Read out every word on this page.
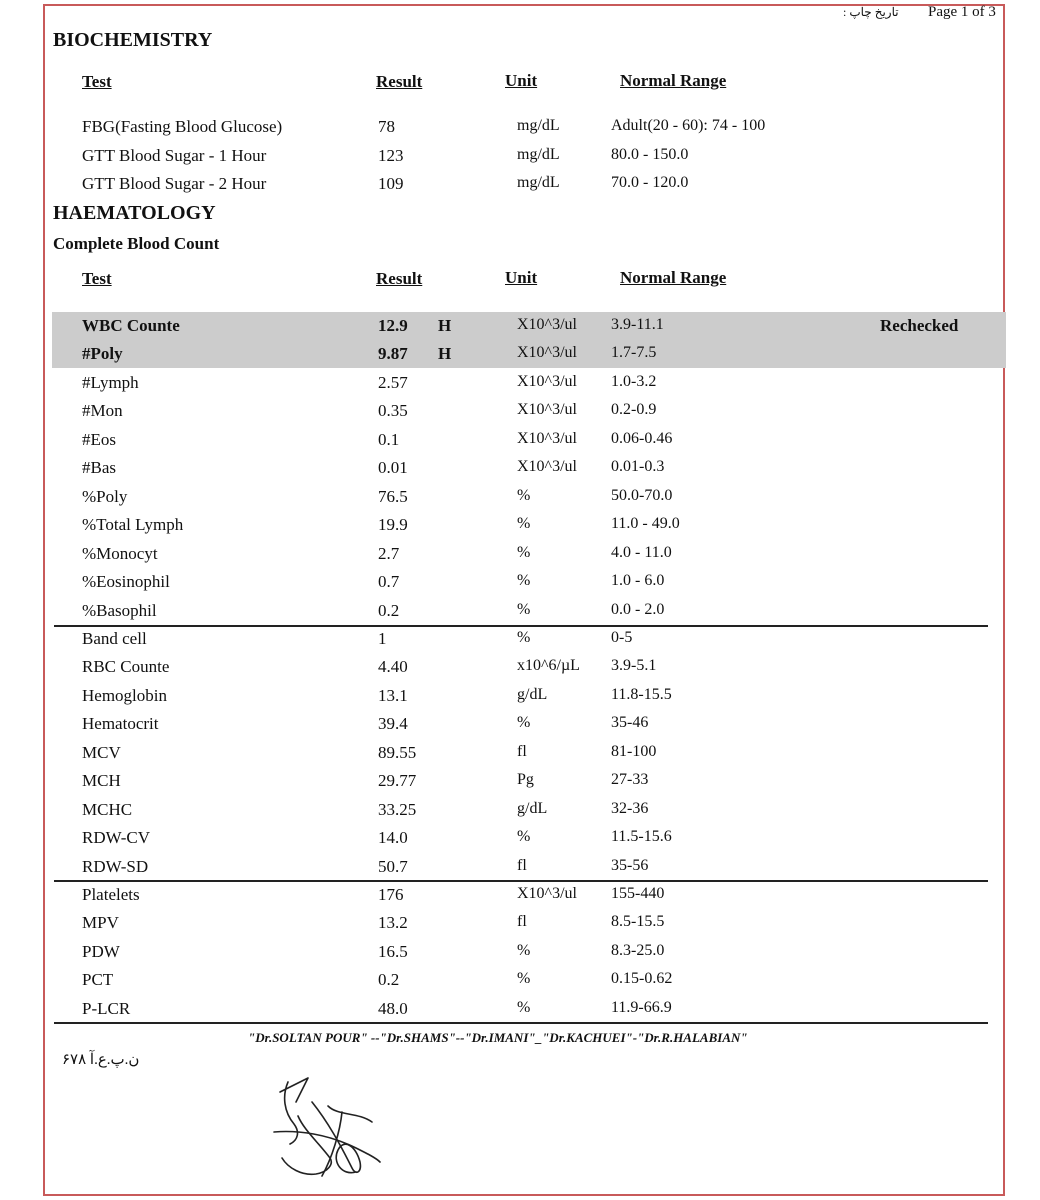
Page 1 of 3
تاریخ چاپ :
BIOCHEMISTRY
Test	Result	Unit	Normal Range
FBG(Fasting Blood Glucose)	78	mg/dL	Adult(20 - 60): 74 - 100
GTT Blood Sugar - 1 Hour	123	mg/dL	80.0 - 150.0
GTT Blood Sugar - 2 Hour	109	mg/dL	70.0 - 120.0
HAEMATOLOGY
Complete Blood Count
Test	Result	Unit	Normal Range
WBC Counte	12.9 H	X10^3/ul 3.9-11.1	Rechecked
#Poly	9.87 H	X10^3/ul 1.7-7.5
#Lymph	2.57	X10^3/ul 1.0-3.2
#Mon	0.35	X10^3/ul 0.2-0.9
#Eos	0.1	X10^3/ul 0.06-0.46
#Bas	0.01	X10^3/ul 0.01-0.3
%Poly	76.5	%	50.0-70.0
%Total Lymph	19.9	%	11.0 - 49.0
%Monocyt	2.7	%	4.0 - 11.0
%Eosinophil	0.7	%	1.0 - 6.0
%Basophil	0.2	%	0.0 - 2.0
Band cell	1	%	0-5
RBC Counte	4.40	x10^6/µL 3.9-5.1
Hemoglobin	13.1	g/dL	11.8-15.5
Hematocrit	39.4	%	35-46
MCV	89.55	fl	81-100
MCH	29.77	Pg	27-33
MCHC	33.25	g/dL	32-36
RDW-CV	14.0	%	11.5-15.6
RDW-SD	50.7	fl	35-56
Platelets	176	X10^3/ul 155-440
MPV	13.2	fl	8.5-15.5
PDW	16.5	%	8.3-25.0
PCT	0.2	%	0.15-0.62
P-LCR	48.0	%	11.9-66.9
"Dr.SOLTAN POUR" --"Dr.SHAMS"--"Dr.IMANI"_"Dr.KACHUEI"-"Dr.R.HALABIAN"
ن.پ.ع.آ ۶۷۸
